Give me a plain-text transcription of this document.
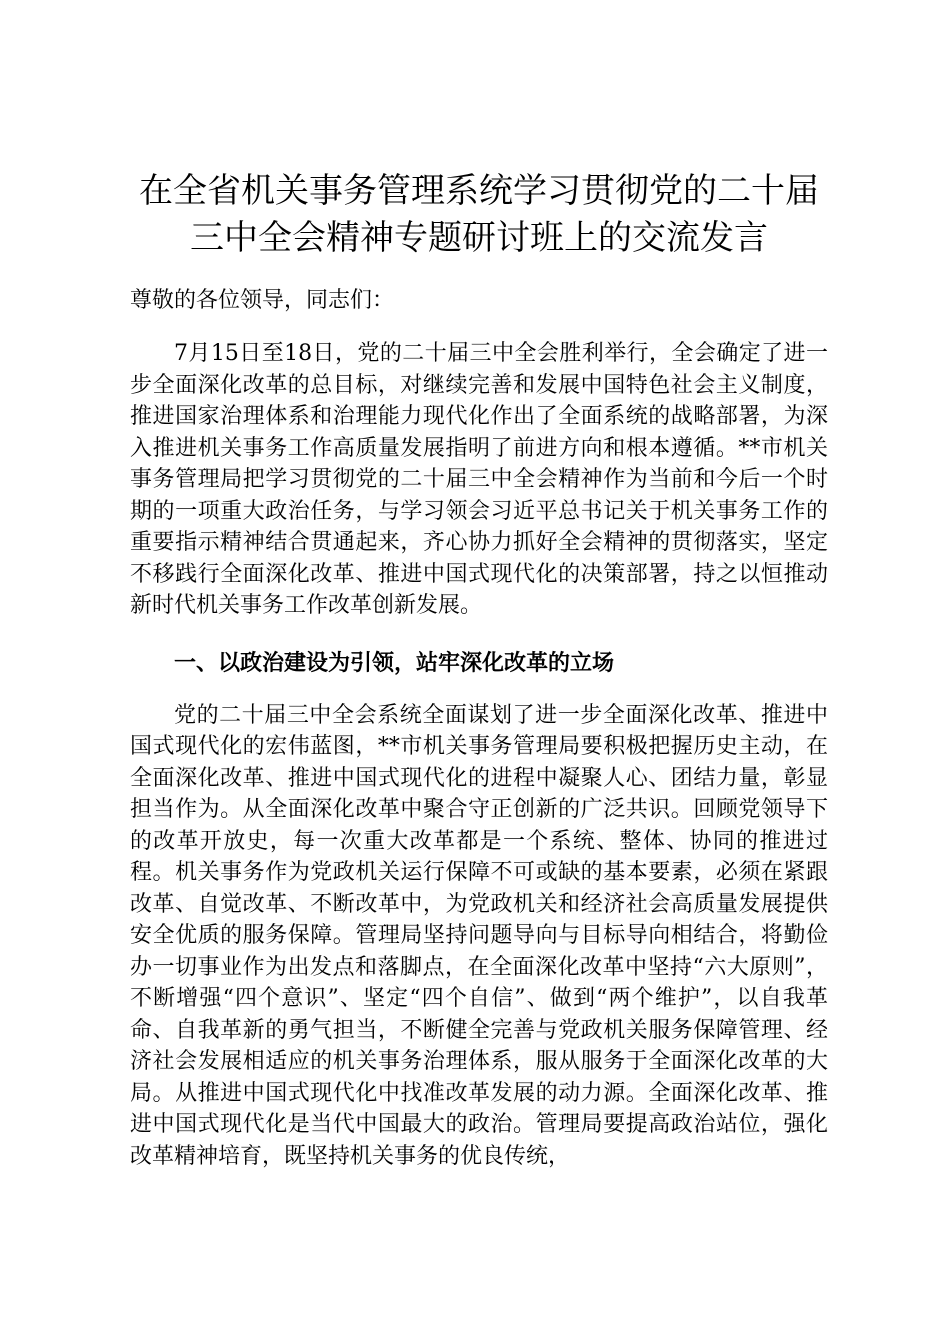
在全省机关事务管理系统学习贯彻党的二十届
三中全会精神专题研讨班上的交流发言

尊敬的各位领导，同志们：

7月15日至18日，党的二十届三中全会胜利举行，全会确定了进一步全面深化改革的总目标，对继续完善和发展中国特色社会主义制度，推进国家治理体系和治理能力现代化作出了全面系统的战略部署，为深入推进机关事务工作高质量发展指明了前进方向和根本遵循。**市机关事务管理局把学习贯彻党的二十届三中全会精神作为当前和今后一个时期的一项重大政治任务，与学习领会习近平总书记关于机关事务工作的重要指示精神结合贯通起来，齐心协力抓好全会精神的贯彻落实，坚定不移践行全面深化改革、推进中国式现代化的决策部署，持之以恒推动新时代机关事务工作改革创新发展。

一、以政治建设为引领，站牢深化改革的立场

党的二十届三中全会系统全面谋划了进一步全面深化改革、推进中国式现代化的宏伟蓝图，**市机关事务管理局要积极把握历史主动，在全面深化改革、推进中国式现代化的进程中凝聚人心、团结力量，彰显担当作为。从全面深化改革中聚合守正创新的广泛共识。回顾党领导下的改革开放史，每一次重大改革都是一个系统、整体、协同的推进过程。机关事务作为党政机关运行保障不可或缺的基本要素，必须在紧跟改革、自觉改革、不断改革中，为党政机关和经济社会高质量发展提供安全优质的服务保障。管理局坚持问题导向与目标导向相结合，将勤俭办一切事业作为出发点和落脚点，在全面深化改革中坚持“六大原则”，不断增强“四个意识”、坚定“四个自信”、做到“两个维护”，以自我革命、自我革新的勇气担当，不断健全完善与党政机关服务保障管理、经济社会发展相适应的机关事务治理体系，服从服务于全面深化改革的大局。从推进中国式现代化中找准改革发展的动力源。全面深化改革、推进中国式现代化是当代中国最大的政治。管理局要提高政治站位，强化改革精神培育，既坚持机关事务的优良传统，
